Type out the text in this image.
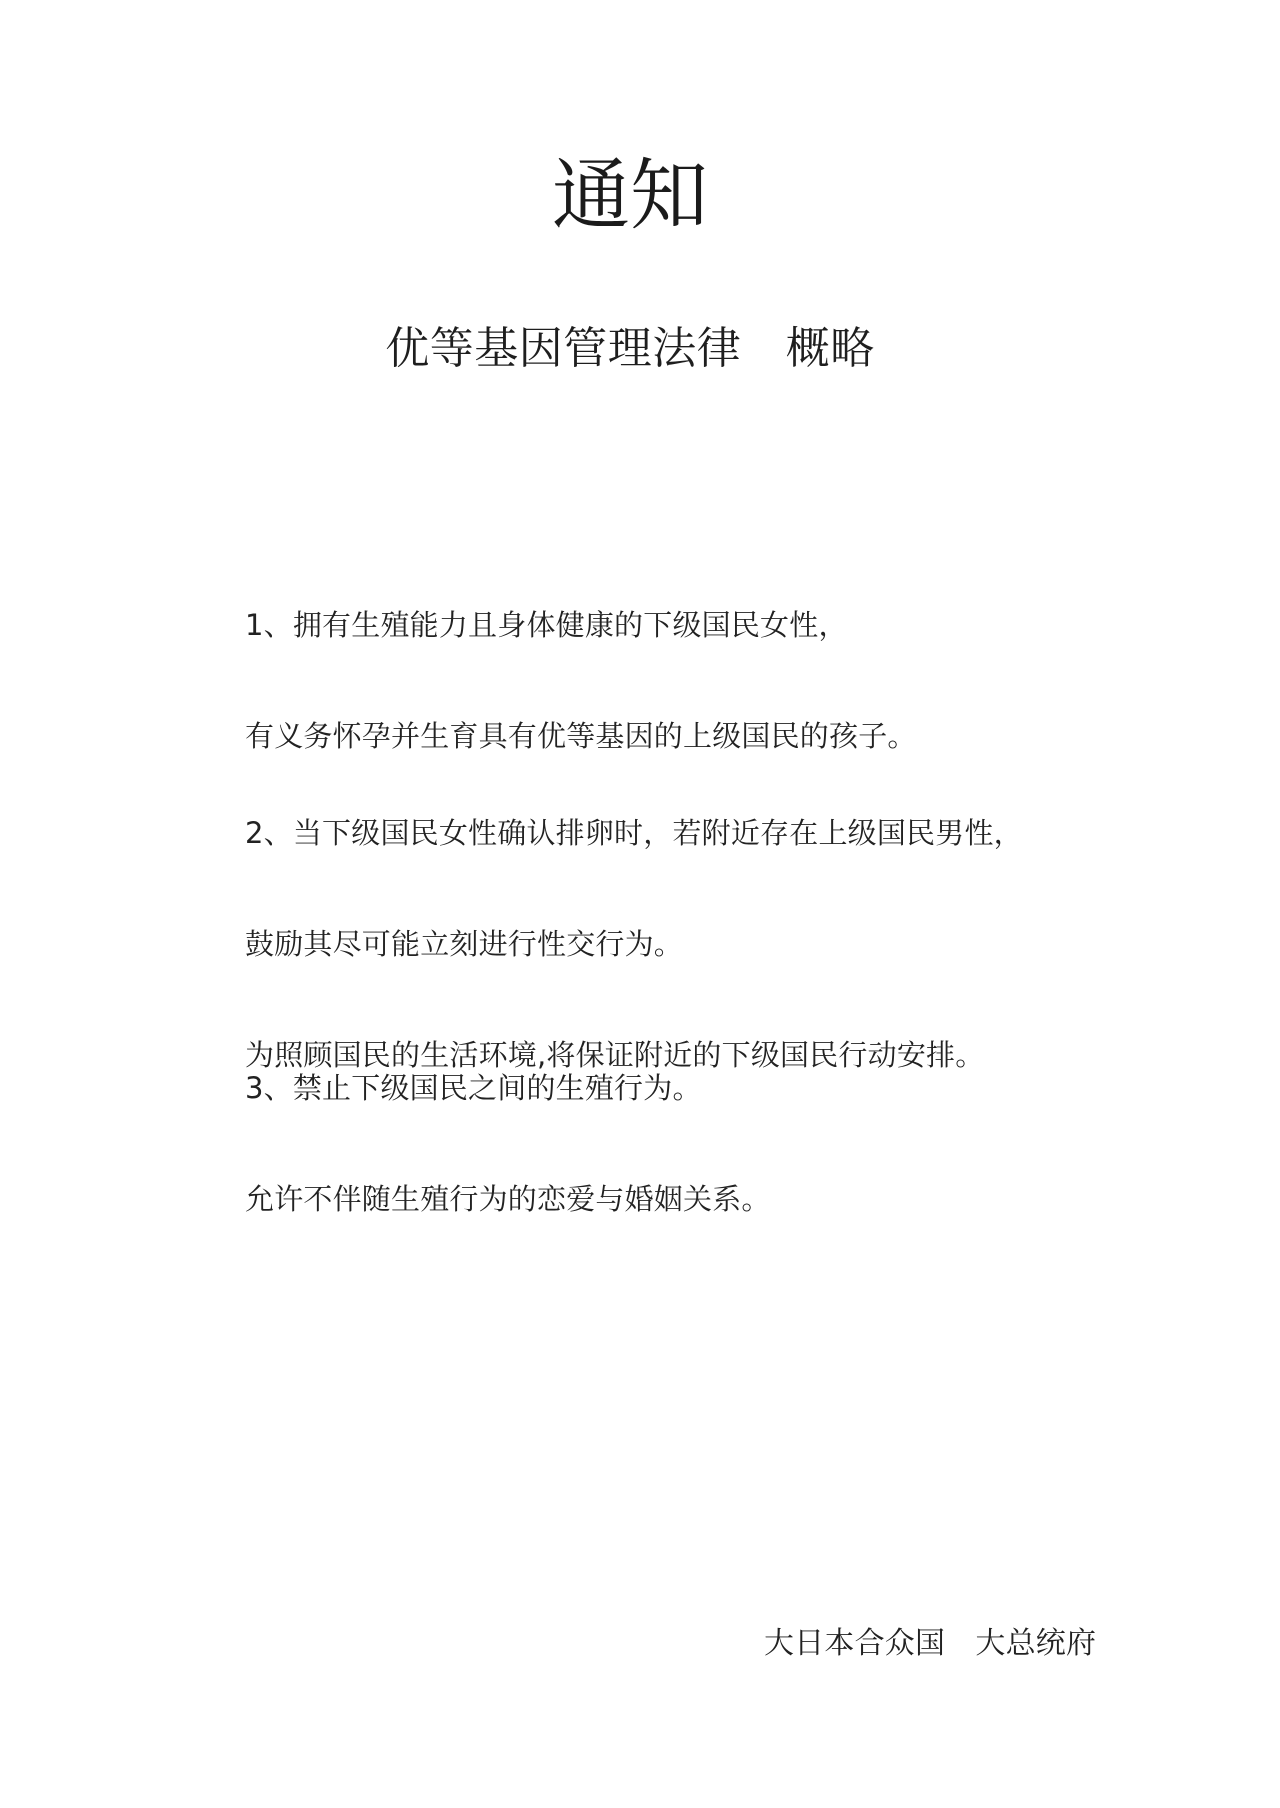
通知
优等基因管理法律　概略

1、拥有生殖能力且身体健康的下级国民女性，

有义务怀孕并生育具有优等基因的上级国民的孩子。

2、当下级国民女性确认排卵时，若附近存在上级国民男性，

鼓励其尽可能立刻进行性交行为。

为照顾国民的生活环境,将保证附近的下级国民行动安排。

3、禁止下级国民之间的生殖行为。

允许不伴随生殖行为的恋爱与婚姻关系。

大日本合众国　大总统府
